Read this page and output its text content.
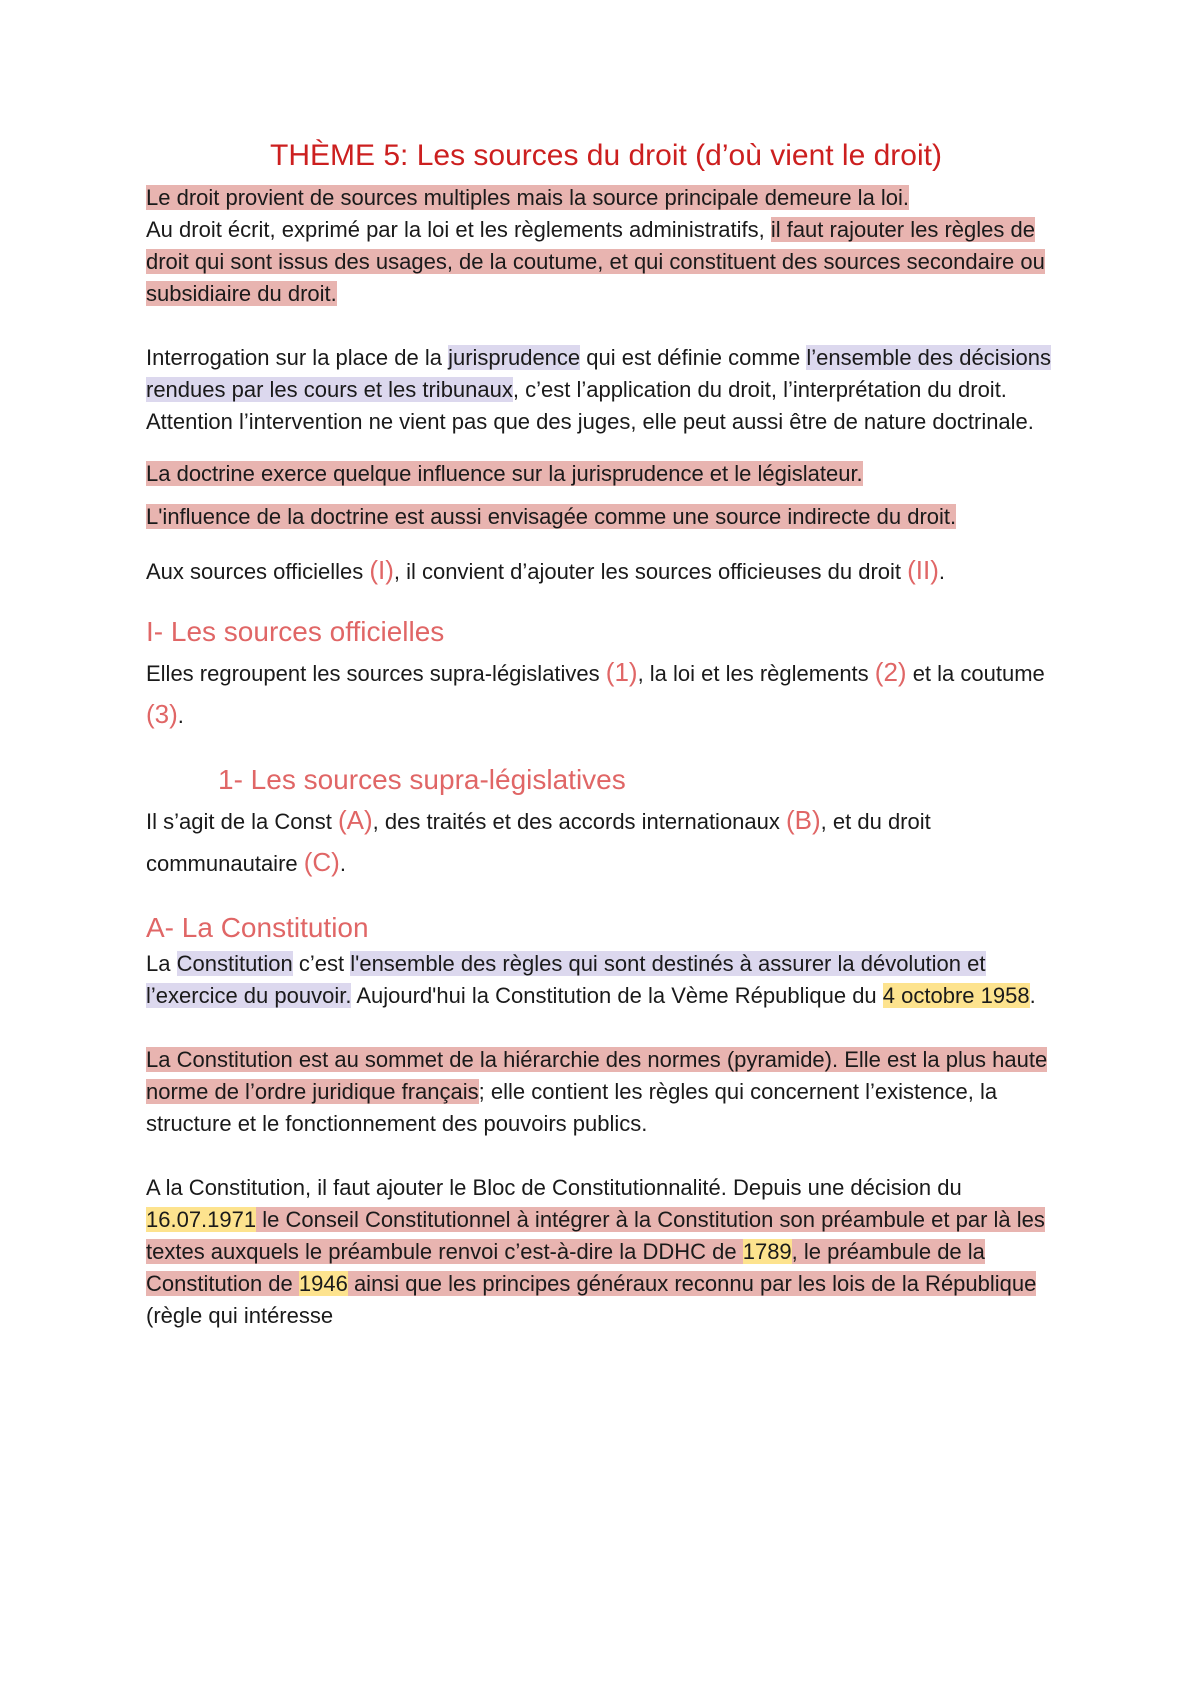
THÈME 5: Les sources du droit (d’où vient le droit)

Le droit provient de sources multiples mais la source principale demeure la loi.

Au droit écrit, exprimé par la loi et les règlements administratifs, il faut rajouter les règles de droit qui sont issus des usages, de la coutume, et qui constituent des sources secondaire ou subsidiaire du droit.

Interrogation sur la place de la jurisprudence qui est définie comme l’ensemble des décisions rendues par les cours et les tribunaux, c’est l’application du droit, l’interprétation du droit. Attention l’intervention ne vient pas que des juges, elle peut aussi être de nature doctrinale.

La doctrine exerce quelque influence sur la jurisprudence et le législateur.

L'influence de la doctrine est aussi envisagée comme une source indirecte du droit.

Aux sources officielles (I), il convient d’ajouter les sources officieuses du droit (II).

I- Les sources officielles

Elles regroupent les sources supra-législatives (1), la loi et les règlements (2) et la coutume (3).

1- Les sources supra-législatives

Il s’agit de la Const (A), des traités et des accords internationaux (B), et du droit communautaire (C).

A- La Constitution

La Constitution c’est l'ensemble des règles qui sont destinés à assurer la dévolution et l’exercice du pouvoir. Aujourd'hui la Constitution de la Vème République du 4 octobre 1958.

La Constitution est au sommet de la hiérarchie des normes (pyramide). Elle est la plus haute norme de l’ordre juridique français; elle contient les règles qui concernent l’existence, la structure et le fonctionnement des pouvoirs publics.

A la Constitution, il faut ajouter le Bloc de Constitutionnalité. Depuis une décision du 16.07.1971 le Conseil Constitutionnel à intégrer à la Constitution son préambule et par là les textes auxquels le préambule renvoi c’est-à-dire la DDHC de 1789, le préambule de la Constitution de 1946 ainsi que les principes généraux reconnu par les lois de la République (règle qui intéresse
